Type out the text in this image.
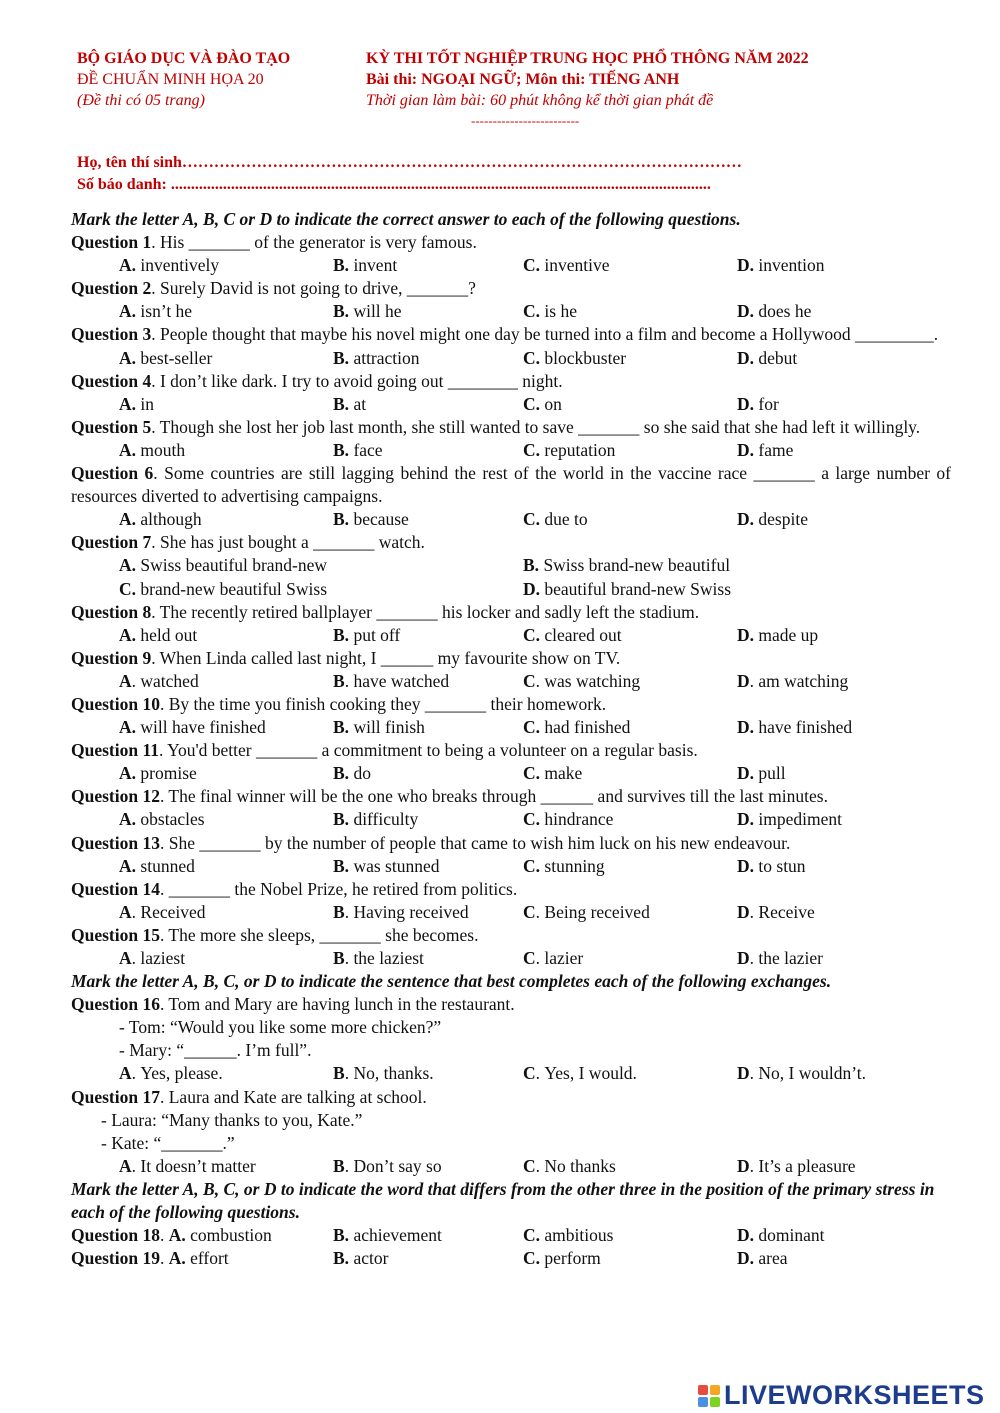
BỘ GIÁO DỤC VÀ ĐÀO TẠO
ĐỀ CHUẨN MINH HỌA 20
(Đề thi có 05 trang)
KỲ THI TỐT NGHIỆP TRUNG HỌC PHỔ THÔNG NĂM 2022
Bài thi: NGOẠI NGỮ; Môn thi: TIẾNG ANH
Thời gian làm bài: 60 phút không kể thời gian phát đề
-------------------------
Họ, tên thí sinh……………………………………………………………………………………………
Số báo danh: .......................................................................................................................................
Mark the letter A, B, C or D to indicate the correct answer to each of the following questions.
Question 1. His _______ of the generator is very famous.
A. inventively	B. invent	C. inventive	D. invention
Question 2. Surely David is not going to drive, _______?
A. isn’t he	B. will he	C. is he	D. does he
Question 3. People thought that maybe his novel might one day be turned into a film and become a Hollywood _________.
A. best-seller	B. attraction	C. blockbuster	D. debut
Question 4. I don’t like dark. I try to avoid going out ________ night.
A. in	B. at	C. on	D. for
Question 5. Though she lost her job last month, she still wanted to save _______ so she said that she had left it willingly.
A. mouth	B. face	C. reputation	D. fame
Question 6. Some countries are still lagging behind the rest of the world in the vaccine race _______ a large number of resources diverted to advertising campaigns.
A. although	B. because	C. due to	D. despite
Question 7. She has just bought a _______ watch.
A. Swiss beautiful brand-new	B. Swiss brand-new beautiful
C. brand-new beautiful Swiss	D. beautiful brand-new Swiss
Question 8. The recently retired ballplayer _______ his locker and sadly left the stadium.
A. held out	B. put off	C. cleared out	D. made up
Question 9. When Linda called last night, I ______ my favourite show on TV.
A. watched	B. have watched	C. was watching	D. am watching
Question 10. By the time you finish cooking they _______ their homework.
A. will have finished	B. will finish	C. had finished	D. have finished
Question 11. You'd better _______ a commitment to being a volunteer on a regular basis.
A. promise	B. do	C. make	D. pull
Question 12. The final winner will be the one who breaks through ______ and survives till the last minutes.
A. obstacles	B. difficulty	C. hindrance	D. impediment
Question 13. She _______ by the number of people that came to wish him luck on his new endeavour.
A. stunned	B. was stunned	C. stunning	D. to stun
Question 14. _______ the Nobel Prize, he retired from politics.
A. Received	B. Having received	C. Being received	D. Receive
Question 15. The more she sleeps, _______ she becomes.
A. laziest	B. the laziest	C. lazier	D. the lazier
Mark the letter A, B, C, or D to indicate the sentence that best completes each of the following exchanges.
Question 16. Tom and Mary are having lunch in the restaurant.
- Tom: “Would you like some more chicken?”
- Mary: “______. I’m full”.
A. Yes, please.	B. No, thanks.	C. Yes, I would.	D. No, I wouldn’t.
Question 17. Laura and Kate are talking at school.
- Laura: “Many thanks to you, Kate.”
- Kate: “_______.”
A. It doesn’t matter	B. Don’t say so	C. No thanks	D. It’s a pleasure
Mark the letter A, B, C, or D to indicate the word that differs from the other three in the position of the primary stress in each of the following questions.
Question 18. A. combustion	B. achievement	C. ambitious	D. dominant
Question 19. A. effort	B. actor	C. perform	D. area
LIVEWORKSHEETS
